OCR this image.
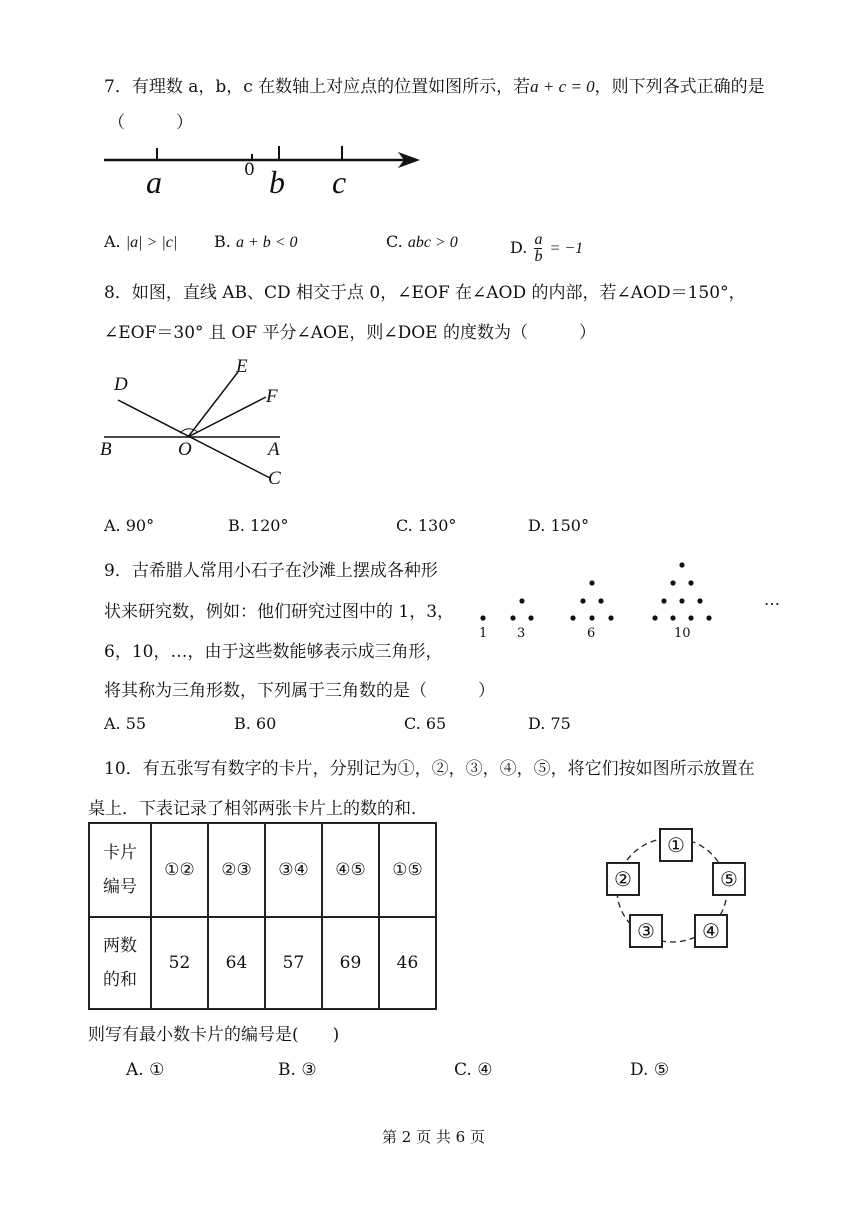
7．有理数 a，b，c 在数轴上对应点的位置如图所示，若a + c = 0，则下列各式正确的是
（　　　）
a	0 b c
A. |a| > |c| B. a + b < 0	C. abc > 0	D. $\frac{a}{b} = -1$
8．如图，直线 AB、CD 相交于点 0，∠EOF 在∠AOD 的内部，若∠AOD＝150°，
∠EOF＝30° 且 OF 平分∠AOE，则∠DOE 的度数为（　　　）
D
E
F
B	O	A
C
A. 90°	B. 120°	C. 130°	D. 150°
9．古希腊人常用小石子在沙滩上摆成各种形
状来研究数，例如：他们研究过图中的 1，3，
6，10，…，由于这些数能够表示成三角形，
将其称为三角形数，下列属于三角数的是（　　　）
1 3	6	10
…
A. 55	B. 60	C. 65	D. 75
10．有五张写有数字的卡片，分别记为①，②，③，④，⑤，将它们按如图所示放置在
桌上．下表记录了相邻两张卡片上的数的和．
卡片
编号	①②	②③	③④	④⑤	①⑤

两数
的和	52	64	57	69	46
①
②
③	④
⑤
则写有最小数卡片的编号是(　　)
A. ①	B. ③	C. ④	D. ⑤
第 2 页 共 6 页
